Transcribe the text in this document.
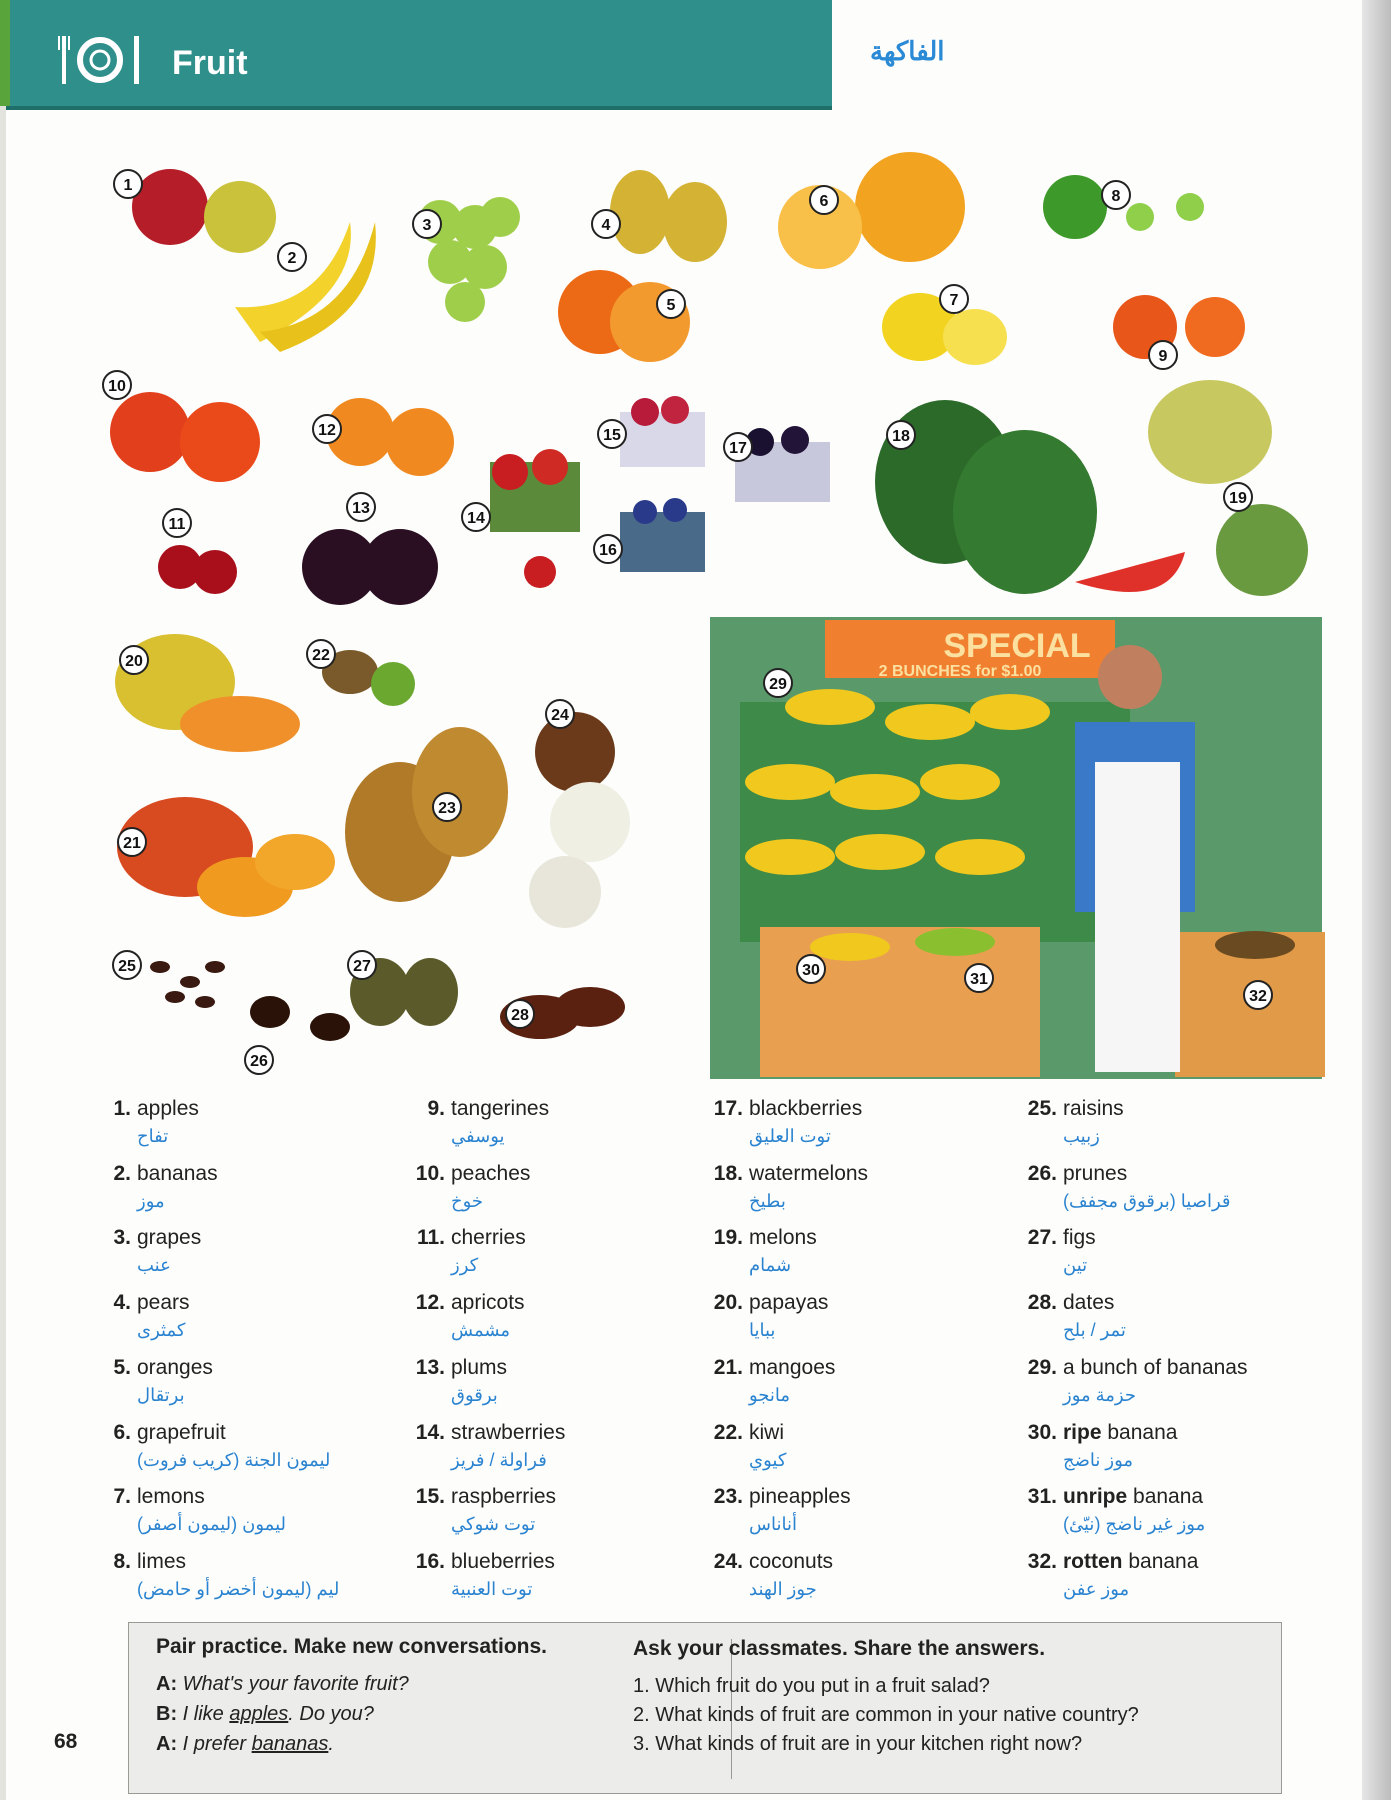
Fruit	الفاكهة
SPECIAL
2 BUNCHES for $1.00
1
2
3	4
5
6
7
8
9
10
11
12
13
14
15
16
17
18
19
20	22
24
23
21
25
26
27
28
29
30
31
32
1. apples
تفاح
2. bananas
موز
3. grapes
عنب
4. pears
كمثرى
5. oranges
برتقال
6. grapefruit
ليمون الجنة (كريب فروت)
7. lemons
ليمون (ليمون أصفر)
8. limes
ليم (ليمون أخضر أو حامض)
9. tangerines
يوسفي
10. peaches
خوخ
11. cherries
كرز
12. apricots
مشمش
13. plums
برقوق
14. strawberries
فراولة / فريز
15. raspberries
توت شوكي
16. blueberries
توت العنبية
17. blackberries
توت العليق
18. watermelons
بطيخ
19. melons
شمام
20. papayas
ببايا
21. mangoes
مانجو
22. kiwi
كيوي
23. pineapples
أناناس
24. coconuts
جوز الهند
25. raisins
زبيب
26. prunes
قراصيا (برقوق مجفف)
27. figs
تين
28. dates
تمر / بلح
29. a bunch of bananas
حزمة موز
30. ripe banana
موز ناضج
31. unripe banana
موز غير ناضج (نيّئ)
32. rotten banana
موز عفن
Pair practice. Make new conversations.
A: What's your favorite fruit?
B: I like apples. Do you?
A: I prefer bananas.
Ask your classmates. Share the answers.
1. Which fruit do you put in a fruit salad?
2. What kinds of fruit are common in your native country?
3. What kinds of fruit are in your kitchen right now?
68
